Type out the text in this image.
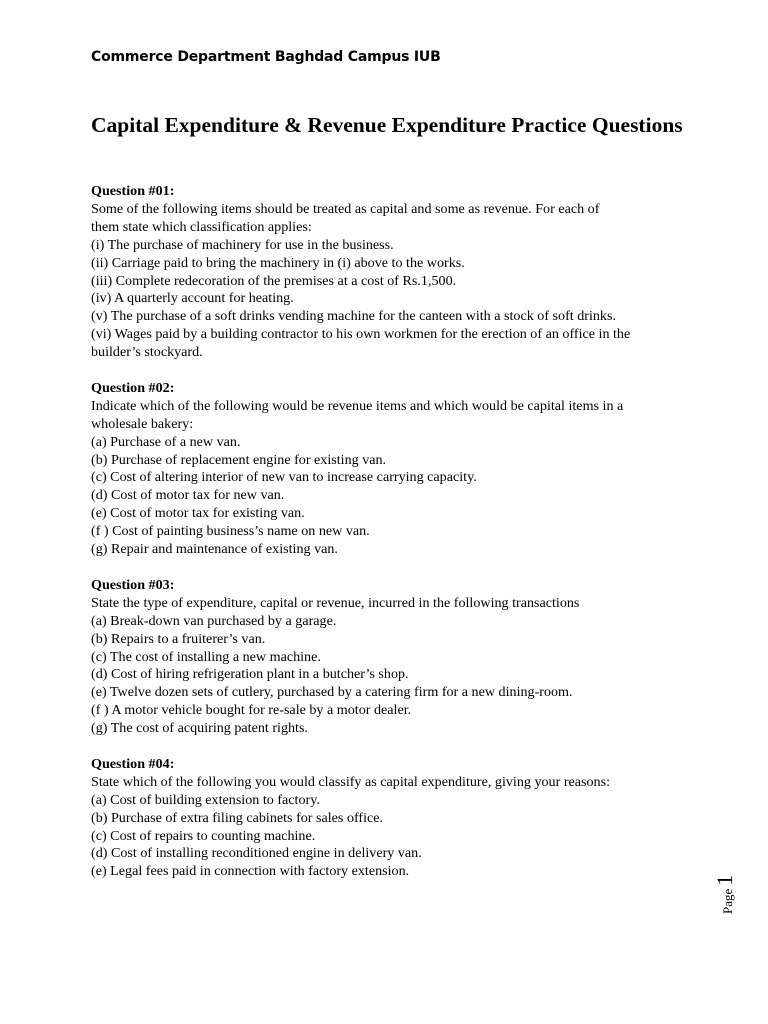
Commerce Department Baghdad Campus IUB
Capital Expenditure & Revenue Expenditure Practice Questions
Question #01:
Some of the following items should be treated as capital and some as revenue. For each of
them state which classification applies:
(i) The purchase of machinery for use in the business.
(ii) Carriage paid to bring the machinery in (i) above to the works.
(iii) Complete redecoration of the premises at a cost of Rs.1,500.
(iv) A quarterly account for heating.
(v) The purchase of a soft drinks vending machine for the canteen with a stock of soft drinks.
(vi) Wages paid by a building contractor to his own workmen for the erection of an office in the
builder’s stockyard.
Question #02:
Indicate which of the following would be revenue items and which would be capital items in a
wholesale bakery:
(a) Purchase of a new van.
(b) Purchase of replacement engine for existing van.
(c) Cost of altering interior of new van to increase carrying capacity.
(d) Cost of motor tax for new van.
(e) Cost of motor tax for existing van.
(f ) Cost of painting business’s name on new van.
(g) Repair and maintenance of existing van.
Question #03:
State the type of expenditure, capital or revenue, incurred in the following transactions
(a) Break-down van purchased by a garage.
(b) Repairs to a fruiterer’s van.
(c) The cost of installing a new machine.
(d) Cost of hiring refrigeration plant in a butcher’s shop.
(e) Twelve dozen sets of cutlery, purchased by a catering firm for a new dining-room.
(f ) A motor vehicle bought for re-sale by a motor dealer.
(g) The cost of acquiring patent rights.
Question #04:
State which of the following you would classify as capital expenditure, giving your reasons:
(a) Cost of building extension to factory.
(b) Purchase of extra filing cabinets for sales office.
(c) Cost of repairs to counting machine.
(d) Cost of installing reconditioned engine in delivery van.
(e) Legal fees paid in connection with factory extension.
Page1
